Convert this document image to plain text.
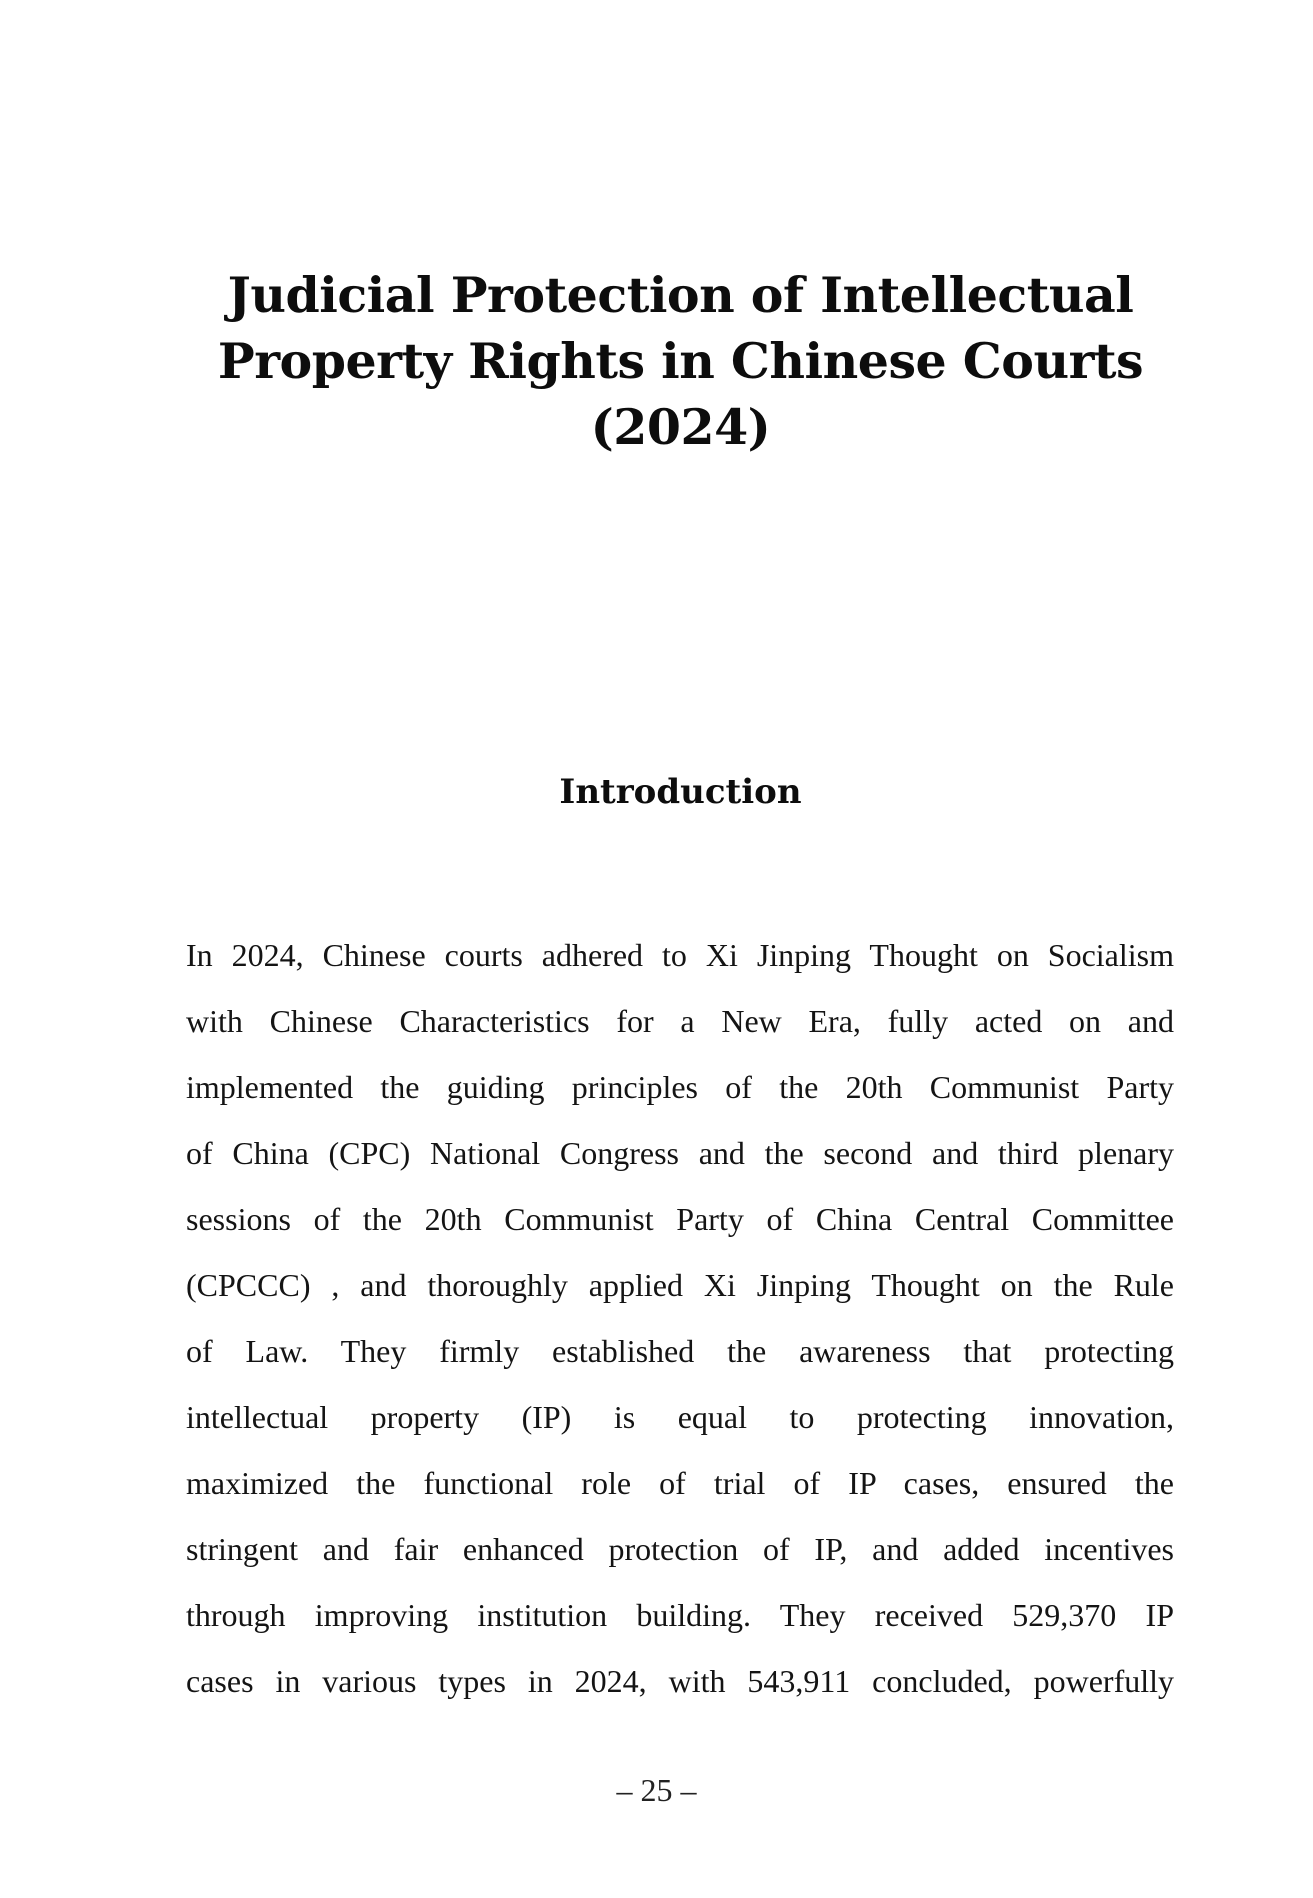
Judicial Protection of Intellectual
Property Rights in Chinese Courts
(2024)
Introduction
In 2024, Chinese courts adhered to Xi Jinping Thought on Socialism
with Chinese Characteristics for a New Era, fully acted on and
implemented the guiding principles of the 20th Communist Party
of China (CPC) National Congress and the second and third plenary
sessions of the 20th Communist Party of China Central Committee
(CPCCC) , and thoroughly applied Xi Jinping Thought on the Rule
of Law. They firmly established the awareness that protecting
intellectual property (IP) is equal to protecting innovation,
maximized the functional role of trial of IP cases, ensured the
stringent and fair enhanced protection of IP, and added incentives
through improving institution building. They received 529,370 IP
cases in various types in 2024, with 543,911 concluded, powerfully
– 25 –
